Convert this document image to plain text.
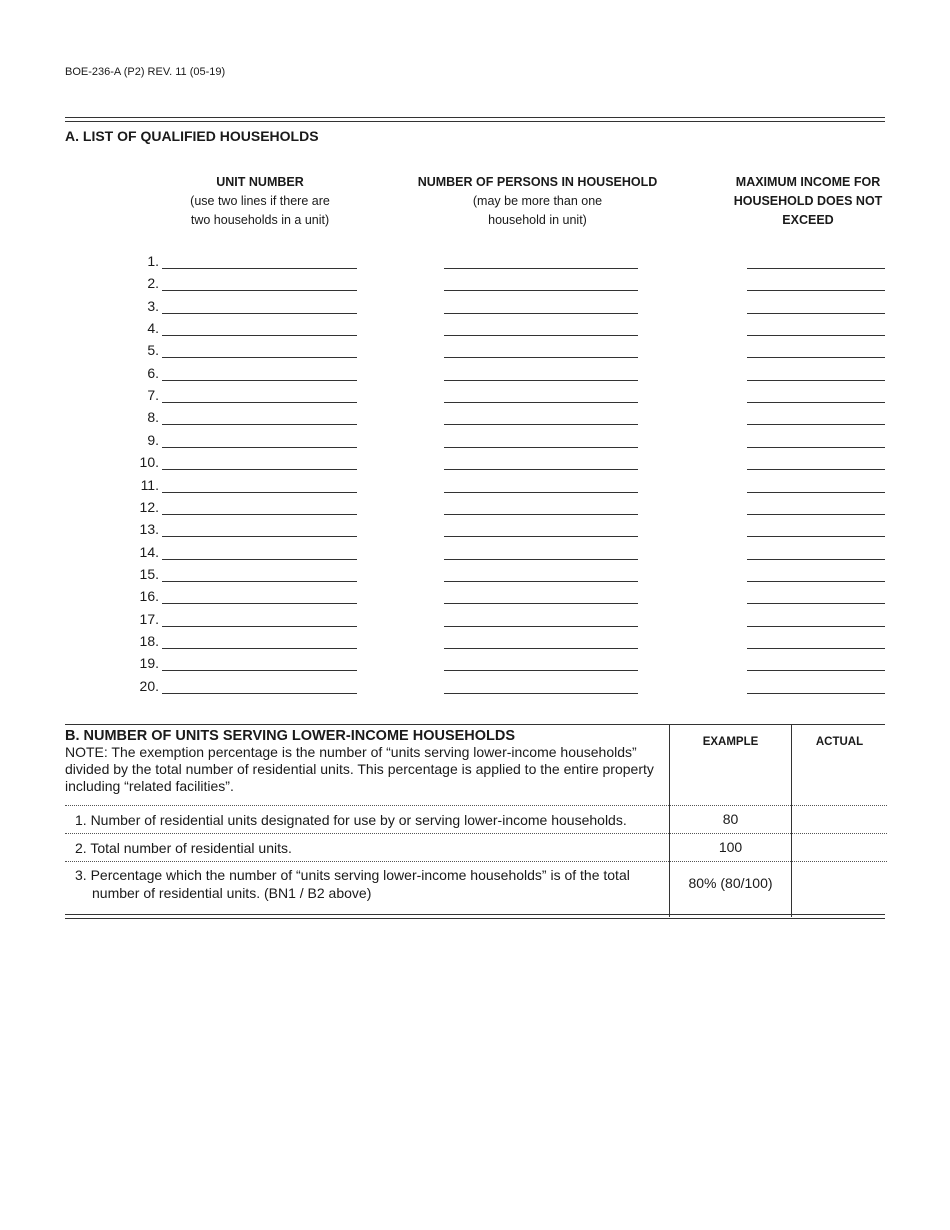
BOE-236-A (P2) REV. 11 (05-19)
A. LIST OF QUALIFIED HOUSEHOLDS
UNIT NUMBER
(use two lines if there are
two households in a unit)
NUMBER OF PERSONS IN HOUSEHOLD
(may be more than one
household in unit)
MAXIMUM INCOME FOR
HOUSEHOLD DOES NOT
EXCEED
1.
2.
3.
4.
5.
6.
7.
8.
9.
10.
11.
12.
13.
14.
15.
16.
17.
18.
19.
20.
B. NUMBER OF UNITS SERVING LOWER-INCOME HOUSEHOLDS
NOTE: The exemption percentage is the number of “units serving lower-income households” divided by the total number of residential units. This percentage is applied to the entire property including “related facilities”.	EXAMPLE	ACTUAL

1. Number of residential units designated for use by or serving lower-income households.	80	

2. Total number of residential units.	100	

3. Percentage which the number of “units serving lower-income households” is of the total number of residential units. (BN1 / B2 above)	80% (80/100)	
